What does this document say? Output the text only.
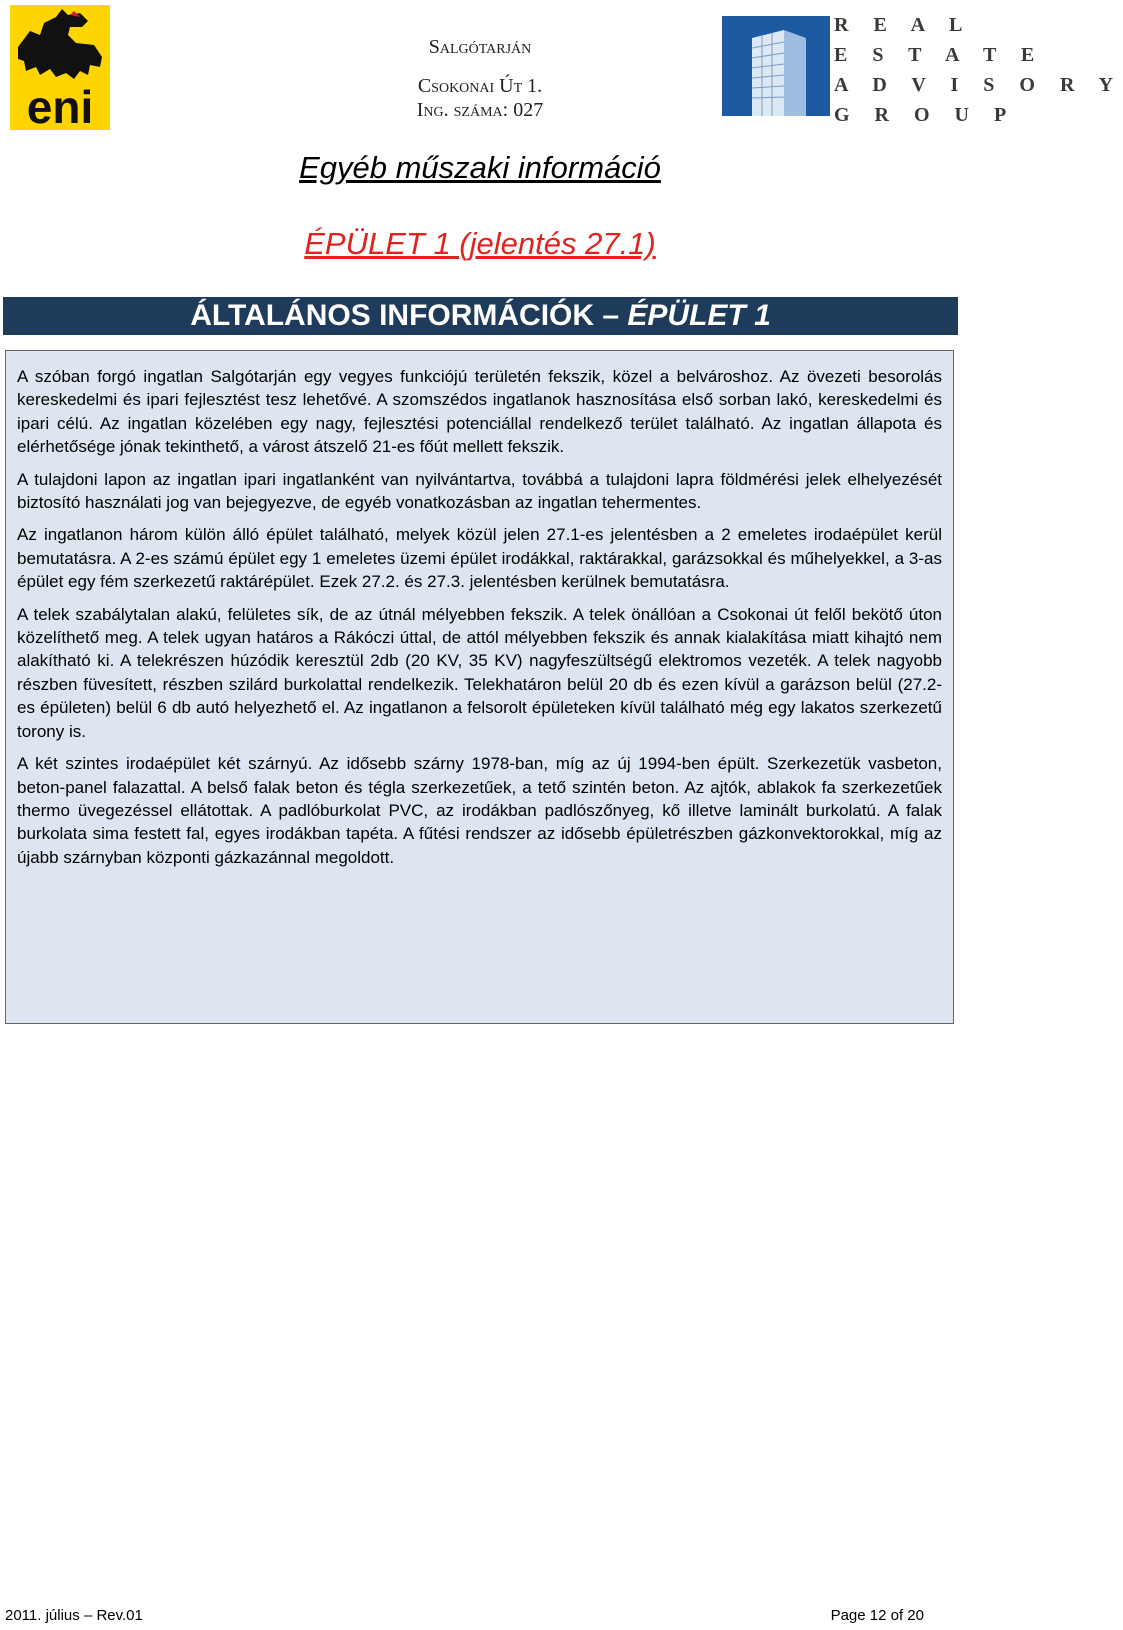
eni
R E A L
E S T A T E
A D V I S O R Y
G R O U P
Salgótarján
Csokonai Út 1.
Ing. száma: 027
Egyéb műszaki információ
ÉPÜLET 1 (jelentés 27.1)
ÁLTALÁNOS INFORMÁCIÓK – ÉPÜLET 1

A szóban forgó ingatlan Salgótarján egy vegyes funkciójú területén fekszik, közel a belvároshoz. Az övezeti besorolás kereskedelmi és ipari fejlesztést tesz lehetővé. A szomszédos ingatlanok hasznosítása első sorban lakó, kereskedelmi és ipari célú. Az ingatlan közelében egy nagy, fejlesztési potenciállal rendelkező terület található. Az ingatlan állapota és elérhetősége jónak tekinthető, a várost átszelő 21-es főút mellett fekszik.

A tulajdoni lapon az ingatlan ipari ingatlanként van nyilvántartva, továbbá a tulajdoni lapra földmérési jelek elhelyezését biztosító használati jog van bejegyezve, de egyéb vonatkozásban az ingatlan tehermentes.

Az ingatlanon három külön álló épület található, melyek közül jelen 27.1-es jelentésben a 2 emeletes irodaépület kerül bemutatásra. A 2-es számú épület egy 1 emeletes üzemi épület irodákkal, raktárakkal, garázsokkal és műhelyekkel, a 3-as épület egy fém szerkezetű raktárépület. Ezek 27.2. és 27.3. jelentésben kerülnek bemutatásra.

A telek szabálytalan alakú, felületes sík, de az útnál mélyebben fekszik. A telek önállóan a Csokonai út felől bekötő úton közelíthető meg. A telek ugyan határos a Rákóczi úttal, de attól mélyebben fekszik és annak kialakítása miatt kihajtó nem alakítható ki. A telekrészen húzódik keresztül 2db (20 KV, 35 KV) nagyfeszültségű elektromos vezeték. A telek nagyobb részben füvesített, részben szilárd burkolattal rendelkezik. Telekhatáron belül 20 db és ezen kívül a garázson belül (27.2-es épületen) belül 6 db autó helyezhető el. Az ingatlanon a felsorolt épületeken kívül található még egy lakatos szerkezetű torony is.

A két szintes irodaépület két szárnyú. Az idősebb szárny 1978-ban, míg az új 1994-ben épült. Szerkezetük vasbeton, beton-panel falazattal. A belső falak beton és tégla szerkezetűek, a tető szintén beton. Az ajtók, ablakok fa szerkezetűek thermo üvegezéssel ellátottak. A padlóburkolat PVC, az irodákban padlószőnyeg, kő illetve laminált burkolatú. A falak burkolata sima festett fal, egyes irodákban tapéta. A fűtési rendszer az idősebb épületrészben gázkonvektorokkal, míg az újabb szárnyban központi gázkazánnal megoldott.

2011. július – Rev.01	Page 12 of 20
